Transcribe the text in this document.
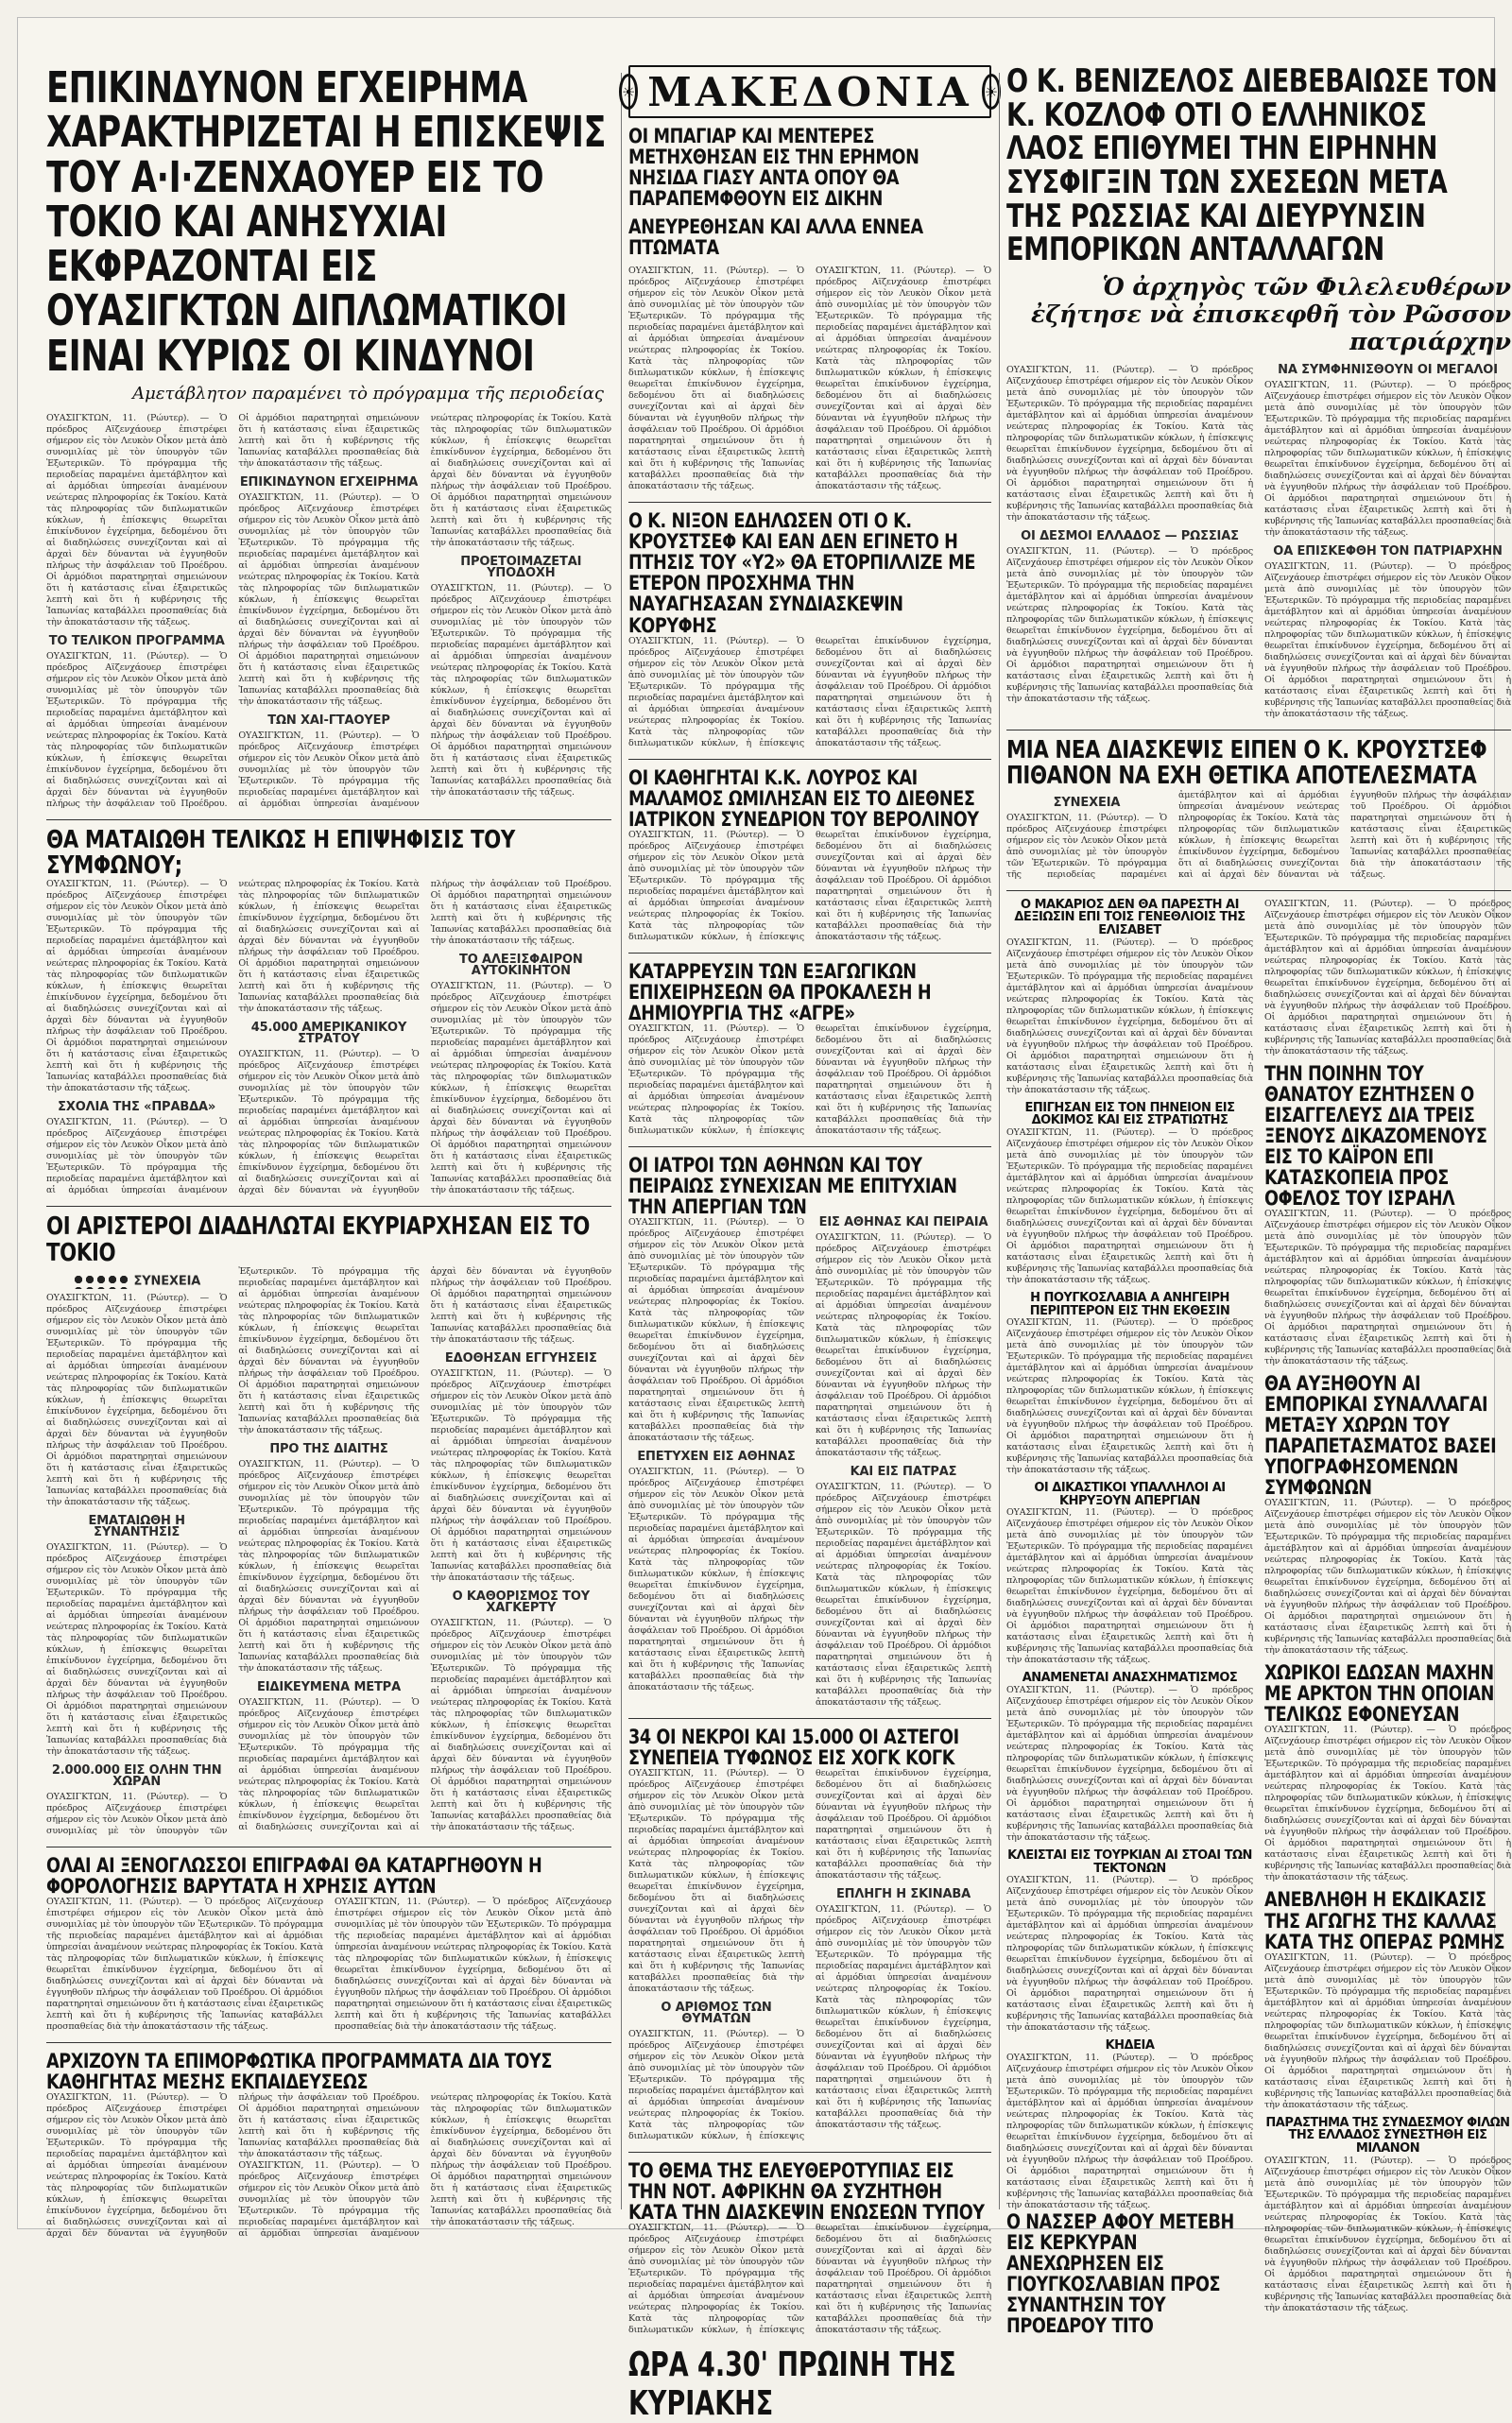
ΕΠΙΚΙΝΔΥΝΟΝ ΕΓΧΕΙΡΗΜΑ ΧΑΡΑΚΤΗΡΙΖΕΤΑΙ Η ΕΠΙΣΚΕΨΙΣ ΤΟΥ Α·Ι·ΖΕΝΧΑΟΥΕΡ ΕΙΣ ΤΟ ΤΟΚΙΟ ΚΑΙ ΑΝΗΣΥΧΙΑΙ ΕΚΦΡΑΖΟΝΤΑΙ ΕΙΣ ΟΥΑΣΙΓΚΤΩΝ ΔΙΠΛΩΜΑΤΙΚΟΙ ΕΙΝΑΙ ΚΥΡΙΩΣ ΟΙ ΚΙΝΔΥΝΟΙ
Αμετάβλητον παραμένει τὸ πρόγραμμα τῆς περιοδείας

ΟΥΑΣΙΓΚΤΩΝ, 11. (Ρώυτερ). — Ὁ πρόεδρος Αϊζενχάουερ ἐπιστρέφει σήμερον εἰς τὸν Λευκὸν Οἶκον μετὰ ἀπὸ συνομιλίας μὲ τὸν ὑπουργὸν τῶν Ἐξωτερικῶν. Τὸ πρόγραμμα τῆς περιοδείας παραμένει ἀμετάβλητον καὶ αἱ ἀρμόδιαι ὑπηρεσίαι ἀναμένουν νεώτερας πληροφορίας ἐκ Τοκίου. Κατὰ τὰς πληροφορίας τῶν διπλωματικῶν κύκλων, ἡ ἐπίσκεψις θεωρεῖται ἐπικίνδυνον ἐγχείρημα, δεδομένου ὅτι αἱ διαδηλώσεις συνεχίζονται καὶ αἱ ἀρχαὶ δὲν δύνανται νὰ ἐγγυηθοῦν πλήρως τὴν ἀσφάλειαν τοῦ Προέδρου. Οἱ ἀρμόδιοι παρατηρηταὶ σημειώνουν ὅτι ἡ κατάστασις εἶναι ἐξαιρετικῶς λεπτὴ καὶ ὅτι ἡ κυβέρνησις τῆς Ἰαπωνίας καταβάλλει προσπαθείας διὰ τὴν ἀποκατάστασιν τῆς τάξεως.

ΤΟ ΤΕΛΙΚΟΝ ΠΡΟΓΡΑΜΜΑ

ΟΥΑΣΙΓΚΤΩΝ, 11. (Ρώυτερ). — Ὁ πρόεδρος Αϊζενχάουερ ἐπιστρέφει σήμερον εἰς τὸν Λευκὸν Οἶκον μετὰ ἀπὸ συνομιλίας μὲ τὸν ὑπουργὸν τῶν Ἐξωτερικῶν. Τὸ πρόγραμμα τῆς περιοδείας παραμένει ἀμετάβλητον καὶ αἱ ἀρμόδιαι ὑπηρεσίαι ἀναμένουν νεώτερας πληροφορίας ἐκ Τοκίου. Κατὰ τὰς πληροφορίας τῶν διπλωματικῶν κύκλων, ἡ ἐπίσκεψις θεωρεῖται ἐπικίνδυνον ἐγχείρημα, δεδομένου ὅτι αἱ διαδηλώσεις συνεχίζονται καὶ αἱ ἀρχαὶ δὲν δύνανται νὰ ἐγγυηθοῦν πλήρως τὴν ἀσφάλειαν τοῦ Προέδρου. Οἱ ἀρμόδιοι παρατηρηταὶ σημειώνουν ὅτι ἡ κατάστασις εἶναι ἐξαιρετικῶς λεπτὴ καὶ ὅτι ἡ κυβέρνησις τῆς Ἰαπωνίας καταβάλλει προσπαθείας διὰ τὴν ἀποκατάστασιν τῆς τάξεως.

ΕΠΙΚΙΝΔΥΝΟΝ ΕΓΧΕΙΡΗΜΑ

ΟΥΑΣΙΓΚΤΩΝ, 11. (Ρώυτερ). — Ὁ πρόεδρος Αϊζενχάουερ ἐπιστρέφει σήμερον εἰς τὸν Λευκὸν Οἶκον μετὰ ἀπὸ συνομιλίας μὲ τὸν ὑπουργὸν τῶν Ἐξωτερικῶν. Τὸ πρόγραμμα τῆς περιοδείας παραμένει ἀμετάβλητον καὶ αἱ ἀρμόδιαι ὑπηρεσίαι ἀναμένουν νεώτερας πληροφορίας ἐκ Τοκίου. Κατὰ τὰς πληροφορίας τῶν διπλωματικῶν κύκλων, ἡ ἐπίσκεψις θεωρεῖται ἐπικίνδυνον ἐγχείρημα, δεδομένου ὅτι αἱ διαδηλώσεις συνεχίζονται καὶ αἱ ἀρχαὶ δὲν δύνανται νὰ ἐγγυηθοῦν πλήρως τὴν ἀσφάλειαν τοῦ Προέδρου. Οἱ ἀρμόδιοι παρατηρηταὶ σημειώνουν ὅτι ἡ κατάστασις εἶναι ἐξαιρετικῶς λεπτὴ καὶ ὅτι ἡ κυβέρνησις τῆς Ἰαπωνίας καταβάλλει προσπαθείας διὰ τὴν ἀποκατάστασιν τῆς τάξεως.

ΤΩΝ ΧΑΙ-ΓΤΑΟΥΕΡ

ΟΥΑΣΙΓΚΤΩΝ, 11. (Ρώυτερ). — Ὁ πρόεδρος Αϊζενχάουερ ἐπιστρέφει σήμερον εἰς τὸν Λευκὸν Οἶκον μετὰ ἀπὸ συνομιλίας μὲ τὸν ὑπουργὸν τῶν Ἐξωτερικῶν. Τὸ πρόγραμμα τῆς περιοδείας παραμένει ἀμετάβλητον καὶ αἱ ἀρμόδιαι ὑπηρεσίαι ἀναμένουν νεώτερας πληροφορίας ἐκ Τοκίου. Κατὰ τὰς πληροφορίας τῶν διπλωματικῶν κύκλων, ἡ ἐπίσκεψις θεωρεῖται ἐπικίνδυνον ἐγχείρημα, δεδομένου ὅτι αἱ διαδηλώσεις συνεχίζονται καὶ αἱ ἀρχαὶ δὲν δύνανται νὰ ἐγγυηθοῦν πλήρως τὴν ἀσφάλειαν τοῦ Προέδρου. Οἱ ἀρμόδιοι παρατηρηταὶ σημειώνουν ὅτι ἡ κατάστασις εἶναι ἐξαιρετικῶς λεπτὴ καὶ ὅτι ἡ κυβέρνησις τῆς Ἰαπωνίας καταβάλλει προσπαθείας διὰ τὴν ἀποκατάστασιν τῆς τάξεως.

ΠΡΟΕΤΟΙΜΑΖΕΤΑΙ ΥΠΟΔΟΧΗ

ΟΥΑΣΙΓΚΤΩΝ, 11. (Ρώυτερ). — Ὁ πρόεδρος Αϊζενχάουερ ἐπιστρέφει σήμερον εἰς τὸν Λευκὸν Οἶκον μετὰ ἀπὸ συνομιλίας μὲ τὸν ὑπουργὸν τῶν Ἐξωτερικῶν. Τὸ πρόγραμμα τῆς περιοδείας παραμένει ἀμετάβλητον καὶ αἱ ἀρμόδιαι ὑπηρεσίαι ἀναμένουν νεώτερας πληροφορίας ἐκ Τοκίου. Κατὰ τὰς πληροφορίας τῶν διπλωματικῶν κύκλων, ἡ ἐπίσκεψις θεωρεῖται ἐπικίνδυνον ἐγχείρημα, δεδομένου ὅτι αἱ διαδηλώσεις συνεχίζονται καὶ αἱ ἀρχαὶ δὲν δύνανται νὰ ἐγγυηθοῦν πλήρως τὴν ἀσφάλειαν τοῦ Προέδρου. Οἱ ἀρμόδιοι παρατηρηταὶ σημειώνουν ὅτι ἡ κατάστασις εἶναι ἐξαιρετικῶς λεπτὴ καὶ ὅτι ἡ κυβέρνησις τῆς Ἰαπωνίας καταβάλλει προσπαθείας διὰ τὴν ἀποκατάστασιν τῆς τάξεως.

ΘΑ ΜΑΤΑΙΩΘΗ ΤΕΛΙΚΩΣ Η ΕΠΙΨΗΦΙΣΙΣ ΤΟΥ ΣΥΜΦΩΝΟΥ;

ΟΥΑΣΙΓΚΤΩΝ, 11. (Ρώυτερ). — Ὁ πρόεδρος Αϊζενχάουερ ἐπιστρέφει σήμερον εἰς τὸν Λευκὸν Οἶκον μετὰ ἀπὸ συνομιλίας μὲ τὸν ὑπουργὸν τῶν Ἐξωτερικῶν. Τὸ πρόγραμμα τῆς περιοδείας παραμένει ἀμετάβλητον καὶ αἱ ἀρμόδιαι ὑπηρεσίαι ἀναμένουν νεώτερας πληροφορίας ἐκ Τοκίου. Κατὰ τὰς πληροφορίας τῶν διπλωματικῶν κύκλων, ἡ ἐπίσκεψις θεωρεῖται ἐπικίνδυνον ἐγχείρημα, δεδομένου ὅτι αἱ διαδηλώσεις συνεχίζονται καὶ αἱ ἀρχαὶ δὲν δύνανται νὰ ἐγγυηθοῦν πλήρως τὴν ἀσφάλειαν τοῦ Προέδρου. Οἱ ἀρμόδιοι παρατηρηταὶ σημειώνουν ὅτι ἡ κατάστασις εἶναι ἐξαιρετικῶς λεπτὴ καὶ ὅτι ἡ κυβέρνησις τῆς Ἰαπωνίας καταβάλλει προσπαθείας διὰ τὴν ἀποκατάστασιν τῆς τάξεως.

ΣΧΟΛΙΑ ΤΗΣ «ΠΡΑΒΔΑ»

ΟΥΑΣΙΓΚΤΩΝ, 11. (Ρώυτερ). — Ὁ πρόεδρος Αϊζενχάουερ ἐπιστρέφει σήμερον εἰς τὸν Λευκὸν Οἶκον μετὰ ἀπὸ συνομιλίας μὲ τὸν ὑπουργὸν τῶν Ἐξωτερικῶν. Τὸ πρόγραμμα τῆς περιοδείας παραμένει ἀμετάβλητον καὶ αἱ ἀρμόδιαι ὑπηρεσίαι ἀναμένουν νεώτερας πληροφορίας ἐκ Τοκίου. Κατὰ τὰς πληροφορίας τῶν διπλωματικῶν κύκλων, ἡ ἐπίσκεψις θεωρεῖται ἐπικίνδυνον ἐγχείρημα, δεδομένου ὅτι αἱ διαδηλώσεις συνεχίζονται καὶ αἱ ἀρχαὶ δὲν δύνανται νὰ ἐγγυηθοῦν πλήρως τὴν ἀσφάλειαν τοῦ Προέδρου. Οἱ ἀρμόδιοι παρατηρηταὶ σημειώνουν ὅτι ἡ κατάστασις εἶναι ἐξαιρετικῶς λεπτὴ καὶ ὅτι ἡ κυβέρνησις τῆς Ἰαπωνίας καταβάλλει προσπαθείας διὰ τὴν ἀποκατάστασιν τῆς τάξεως.

45.000 ΑΜΕΡΙΚΑΝΙΚΟΥ ΣΤΡΑΤΟΥ

ΟΥΑΣΙΓΚΤΩΝ, 11. (Ρώυτερ). — Ὁ πρόεδρος Αϊζενχάουερ ἐπιστρέφει σήμερον εἰς τὸν Λευκὸν Οἶκον μετὰ ἀπὸ συνομιλίας μὲ τὸν ὑπουργὸν τῶν Ἐξωτερικῶν. Τὸ πρόγραμμα τῆς περιοδείας παραμένει ἀμετάβλητον καὶ αἱ ἀρμόδιαι ὑπηρεσίαι ἀναμένουν νεώτερας πληροφορίας ἐκ Τοκίου. Κατὰ τὰς πληροφορίας τῶν διπλωματικῶν κύκλων, ἡ ἐπίσκεψις θεωρεῖται ἐπικίνδυνον ἐγχείρημα, δεδομένου ὅτι αἱ διαδηλώσεις συνεχίζονται καὶ αἱ ἀρχαὶ δὲν δύνανται νὰ ἐγγυηθοῦν πλήρως τὴν ἀσφάλειαν τοῦ Προέδρου. Οἱ ἀρμόδιοι παρατηρηταὶ σημειώνουν ὅτι ἡ κατάστασις εἶναι ἐξαιρετικῶς λεπτὴ καὶ ὅτι ἡ κυβέρνησις τῆς Ἰαπωνίας καταβάλλει προσπαθείας διὰ τὴν ἀποκατάστασιν τῆς τάξεως.

ΤΟ ΑΛΕΞΙΣΦΑΙΡΟΝ ΑΥΤΟΚΙΝΗΤΟΝ

ΟΥΑΣΙΓΚΤΩΝ, 11. (Ρώυτερ). — Ὁ πρόεδρος Αϊζενχάουερ ἐπιστρέφει σήμερον εἰς τὸν Λευκὸν Οἶκον μετὰ ἀπὸ συνομιλίας μὲ τὸν ὑπουργὸν τῶν Ἐξωτερικῶν. Τὸ πρόγραμμα τῆς περιοδείας παραμένει ἀμετάβλητον καὶ αἱ ἀρμόδιαι ὑπηρεσίαι ἀναμένουν νεώτερας πληροφορίας ἐκ Τοκίου. Κατὰ τὰς πληροφορίας τῶν διπλωματικῶν κύκλων, ἡ ἐπίσκεψις θεωρεῖται ἐπικίνδυνον ἐγχείρημα, δεδομένου ὅτι αἱ διαδηλώσεις συνεχίζονται καὶ αἱ ἀρχαὶ δὲν δύνανται νὰ ἐγγυηθοῦν πλήρως τὴν ἀσφάλειαν τοῦ Προέδρου. Οἱ ἀρμόδιοι παρατηρηταὶ σημειώνουν ὅτι ἡ κατάστασις εἶναι ἐξαιρετικῶς λεπτὴ καὶ ὅτι ἡ κυβέρνησις τῆς Ἰαπωνίας καταβάλλει προσπαθείας διὰ τὴν ἀποκατάστασιν τῆς τάξεως.

ΟΙ ΑΡΙΣΤΕΡΟΙ ΔΙΑΔΗΛΩΤΑΙ ΕΚΥΡΙΑΡΧΗΣΑΝ ΕΙΣ ΤΟ ΤΟΚΙΟ

ΣΥΝΕΧΕΙΑ

ΟΥΑΣΙΓΚΤΩΝ, 11. (Ρώυτερ). — Ὁ πρόεδρος Αϊζενχάουερ ἐπιστρέφει σήμερον εἰς τὸν Λευκὸν Οἶκον μετὰ ἀπὸ συνομιλίας μὲ τὸν ὑπουργὸν τῶν Ἐξωτερικῶν. Τὸ πρόγραμμα τῆς περιοδείας παραμένει ἀμετάβλητον καὶ αἱ ἀρμόδιαι ὑπηρεσίαι ἀναμένουν νεώτερας πληροφορίας ἐκ Τοκίου. Κατὰ τὰς πληροφορίας τῶν διπλωματικῶν κύκλων, ἡ ἐπίσκεψις θεωρεῖται ἐπικίνδυνον ἐγχείρημα, δεδομένου ὅτι αἱ διαδηλώσεις συνεχίζονται καὶ αἱ ἀρχαὶ δὲν δύνανται νὰ ἐγγυηθοῦν πλήρως τὴν ἀσφάλειαν τοῦ Προέδρου. Οἱ ἀρμόδιοι παρατηρηταὶ σημειώνουν ὅτι ἡ κατάστασις εἶναι ἐξαιρετικῶς λεπτὴ καὶ ὅτι ἡ κυβέρνησις τῆς Ἰαπωνίας καταβάλλει προσπαθείας διὰ τὴν ἀποκατάστασιν τῆς τάξεως.

ΕΜΑΤΑΙΩΘΗ Η ΣΥΝΑΝΤΗΣΙΣ

ΟΥΑΣΙΓΚΤΩΝ, 11. (Ρώυτερ). — Ὁ πρόεδρος Αϊζενχάουερ ἐπιστρέφει σήμερον εἰς τὸν Λευκὸν Οἶκον μετὰ ἀπὸ συνομιλίας μὲ τὸν ὑπουργὸν τῶν Ἐξωτερικῶν. Τὸ πρόγραμμα τῆς περιοδείας παραμένει ἀμετάβλητον καὶ αἱ ἀρμόδιαι ὑπηρεσίαι ἀναμένουν νεώτερας πληροφορίας ἐκ Τοκίου. Κατὰ τὰς πληροφορίας τῶν διπλωματικῶν κύκλων, ἡ ἐπίσκεψις θεωρεῖται ἐπικίνδυνον ἐγχείρημα, δεδομένου ὅτι αἱ διαδηλώσεις συνεχίζονται καὶ αἱ ἀρχαὶ δὲν δύνανται νὰ ἐγγυηθοῦν πλήρως τὴν ἀσφάλειαν τοῦ Προέδρου. Οἱ ἀρμόδιοι παρατηρηταὶ σημειώνουν ὅτι ἡ κατάστασις εἶναι ἐξαιρετικῶς λεπτὴ καὶ ὅτι ἡ κυβέρνησις τῆς Ἰαπωνίας καταβάλλει προσπαθείας διὰ τὴν ἀποκατάστασιν τῆς τάξεως.

2.000.000 ΕΙΣ ΟΛΗΝ ΤΗΝ ΧΩΡΑΝ

ΟΥΑΣΙΓΚΤΩΝ, 11. (Ρώυτερ). — Ὁ πρόεδρος Αϊζενχάουερ ἐπιστρέφει σήμερον εἰς τὸν Λευκὸν Οἶκον μετὰ ἀπὸ συνομιλίας μὲ τὸν ὑπουργὸν τῶν Ἐξωτερικῶν. Τὸ πρόγραμμα τῆς περιοδείας παραμένει ἀμετάβλητον καὶ αἱ ἀρμόδιαι ὑπηρεσίαι ἀναμένουν νεώτερας πληροφορίας ἐκ Τοκίου. Κατὰ τὰς πληροφορίας τῶν διπλωματικῶν κύκλων, ἡ ἐπίσκεψις θεωρεῖται ἐπικίνδυνον ἐγχείρημα, δεδομένου ὅτι αἱ διαδηλώσεις συνεχίζονται καὶ αἱ ἀρχαὶ δὲν δύνανται νὰ ἐγγυηθοῦν πλήρως τὴν ἀσφάλειαν τοῦ Προέδρου. Οἱ ἀρμόδιοι παρατηρηταὶ σημειώνουν ὅτι ἡ κατάστασις εἶναι ἐξαιρετικῶς λεπτὴ καὶ ὅτι ἡ κυβέρνησις τῆς Ἰαπωνίας καταβάλλει προσπαθείας διὰ τὴν ἀποκατάστασιν τῆς τάξεως.

ΠΡΟ ΤΗΣ ΔΙΑΙΤΗΣ

ΟΥΑΣΙΓΚΤΩΝ, 11. (Ρώυτερ). — Ὁ πρόεδρος Αϊζενχάουερ ἐπιστρέφει σήμερον εἰς τὸν Λευκὸν Οἶκον μετὰ ἀπὸ συνομιλίας μὲ τὸν ὑπουργὸν τῶν Ἐξωτερικῶν. Τὸ πρόγραμμα τῆς περιοδείας παραμένει ἀμετάβλητον καὶ αἱ ἀρμόδιαι ὑπηρεσίαι ἀναμένουν νεώτερας πληροφορίας ἐκ Τοκίου. Κατὰ τὰς πληροφορίας τῶν διπλωματικῶν κύκλων, ἡ ἐπίσκεψις θεωρεῖται ἐπικίνδυνον ἐγχείρημα, δεδομένου ὅτι αἱ διαδηλώσεις συνεχίζονται καὶ αἱ ἀρχαὶ δὲν δύνανται νὰ ἐγγυηθοῦν πλήρως τὴν ἀσφάλειαν τοῦ Προέδρου. Οἱ ἀρμόδιοι παρατηρηταὶ σημειώνουν ὅτι ἡ κατάστασις εἶναι ἐξαιρετικῶς λεπτὴ καὶ ὅτι ἡ κυβέρνησις τῆς Ἰαπωνίας καταβάλλει προσπαθείας διὰ τὴν ἀποκατάστασιν τῆς τάξεως.

ΕΙΔΙΚΕΥΜΕΝΑ ΜΕΤΡΑ

ΟΥΑΣΙΓΚΤΩΝ, 11. (Ρώυτερ). — Ὁ πρόεδρος Αϊζενχάουερ ἐπιστρέφει σήμερον εἰς τὸν Λευκὸν Οἶκον μετὰ ἀπὸ συνομιλίας μὲ τὸν ὑπουργὸν τῶν Ἐξωτερικῶν. Τὸ πρόγραμμα τῆς περιοδείας παραμένει ἀμετάβλητον καὶ αἱ ἀρμόδιαι ὑπηρεσίαι ἀναμένουν νεώτερας πληροφορίας ἐκ Τοκίου. Κατὰ τὰς πληροφορίας τῶν διπλωματικῶν κύκλων, ἡ ἐπίσκεψις θεωρεῖται ἐπικίνδυνον ἐγχείρημα, δεδομένου ὅτι αἱ διαδηλώσεις συνεχίζονται καὶ αἱ ἀρχαὶ δὲν δύνανται νὰ ἐγγυηθοῦν πλήρως τὴν ἀσφάλειαν τοῦ Προέδρου. Οἱ ἀρμόδιοι παρατηρηταὶ σημειώνουν ὅτι ἡ κατάστασις εἶναι ἐξαιρετικῶς λεπτὴ καὶ ὅτι ἡ κυβέρνησις τῆς Ἰαπωνίας καταβάλλει προσπαθείας διὰ τὴν ἀποκατάστασιν τῆς τάξεως.

ΕΔΟΘΗΣΑΝ ΕΓΓΥΗΣΕΙΣ

ΟΥΑΣΙΓΚΤΩΝ, 11. (Ρώυτερ). — Ὁ πρόεδρος Αϊζενχάουερ ἐπιστρέφει σήμερον εἰς τὸν Λευκὸν Οἶκον μετὰ ἀπὸ συνομιλίας μὲ τὸν ὑπουργὸν τῶν Ἐξωτερικῶν. Τὸ πρόγραμμα τῆς περιοδείας παραμένει ἀμετάβλητον καὶ αἱ ἀρμόδιαι ὑπηρεσίαι ἀναμένουν νεώτερας πληροφορίας ἐκ Τοκίου. Κατὰ τὰς πληροφορίας τῶν διπλωματικῶν κύκλων, ἡ ἐπίσκεψις θεωρεῖται ἐπικίνδυνον ἐγχείρημα, δεδομένου ὅτι αἱ διαδηλώσεις συνεχίζονται καὶ αἱ ἀρχαὶ δὲν δύνανται νὰ ἐγγυηθοῦν πλήρως τὴν ἀσφάλειαν τοῦ Προέδρου. Οἱ ἀρμόδιοι παρατηρηταὶ σημειώνουν ὅτι ἡ κατάστασις εἶναι ἐξαιρετικῶς λεπτὴ καὶ ὅτι ἡ κυβέρνησις τῆς Ἰαπωνίας καταβάλλει προσπαθείας διὰ τὴν ἀποκατάστασιν τῆς τάξεως.

Ο ΚΑΘΟΡΙΣΜΟΣ ΤΟΥ ΧΑΓΚΕΡΤΥ

ΟΥΑΣΙΓΚΤΩΝ, 11. (Ρώυτερ). — Ὁ πρόεδρος Αϊζενχάουερ ἐπιστρέφει σήμερον εἰς τὸν Λευκὸν Οἶκον μετὰ ἀπὸ συνομιλίας μὲ τὸν ὑπουργὸν τῶν Ἐξωτερικῶν. Τὸ πρόγραμμα τῆς περιοδείας παραμένει ἀμετάβλητον καὶ αἱ ἀρμόδιαι ὑπηρεσίαι ἀναμένουν νεώτερας πληροφορίας ἐκ Τοκίου. Κατὰ τὰς πληροφορίας τῶν διπλωματικῶν κύκλων, ἡ ἐπίσκεψις θεωρεῖται ἐπικίνδυνον ἐγχείρημα, δεδομένου ὅτι αἱ διαδηλώσεις συνεχίζονται καὶ αἱ ἀρχαὶ δὲν δύνανται νὰ ἐγγυηθοῦν πλήρως τὴν ἀσφάλειαν τοῦ Προέδρου. Οἱ ἀρμόδιοι παρατηρηταὶ σημειώνουν ὅτι ἡ κατάστασις εἶναι ἐξαιρετικῶς λεπτὴ καὶ ὅτι ἡ κυβέρνησις τῆς Ἰαπωνίας καταβάλλει προσπαθείας διὰ τὴν ἀποκατάστασιν τῆς τάξεως.

ΟΛΑΙ ΑΙ ΞΕΝΟΓΛΩΣΣΟΙ ΕΠΙΓΡΑΦΑΙ ΘΑ ΚΑΤΑΡΓΗΘΟΥΝ Η ΦΟΡΟΛΟΓΗΣΙΣ ΒΑΡΥΤΑΤΑ Η ΧΡΗΣΙΣ ΑΥΤΩΝ

ΟΥΑΣΙΓΚΤΩΝ, 11. (Ρώυτερ). — Ὁ πρόεδρος Αϊζενχάουερ ἐπιστρέφει σήμερον εἰς τὸν Λευκὸν Οἶκον μετὰ ἀπὸ συνομιλίας μὲ τὸν ὑπουργὸν τῶν Ἐξωτερικῶν. Τὸ πρόγραμμα τῆς περιοδείας παραμένει ἀμετάβλητον καὶ αἱ ἀρμόδιαι ὑπηρεσίαι ἀναμένουν νεώτερας πληροφορίας ἐκ Τοκίου. Κατὰ τὰς πληροφορίας τῶν διπλωματικῶν κύκλων, ἡ ἐπίσκεψις θεωρεῖται ἐπικίνδυνον ἐγχείρημα, δεδομένου ὅτι αἱ διαδηλώσεις συνεχίζονται καὶ αἱ ἀρχαὶ δὲν δύνανται νὰ ἐγγυηθοῦν πλήρως τὴν ἀσφάλειαν τοῦ Προέδρου. Οἱ ἀρμόδιοι παρατηρηταὶ σημειώνουν ὅτι ἡ κατάστασις εἶναι ἐξαιρετικῶς λεπτὴ καὶ ὅτι ἡ κυβέρνησις τῆς Ἰαπωνίας καταβάλλει προσπαθείας διὰ τὴν ἀποκατάστασιν τῆς τάξεως.

ΟΥΑΣΙΓΚΤΩΝ, 11. (Ρώυτερ). — Ὁ πρόεδρος Αϊζενχάουερ ἐπιστρέφει σήμερον εἰς τὸν Λευκὸν Οἶκον μετὰ ἀπὸ συνομιλίας μὲ τὸν ὑπουργὸν τῶν Ἐξωτερικῶν. Τὸ πρόγραμμα τῆς περιοδείας παραμένει ἀμετάβλητον καὶ αἱ ἀρμόδιαι ὑπηρεσίαι ἀναμένουν νεώτερας πληροφορίας ἐκ Τοκίου. Κατὰ τὰς πληροφορίας τῶν διπλωματικῶν κύκλων, ἡ ἐπίσκεψις θεωρεῖται ἐπικίνδυνον ἐγχείρημα, δεδομένου ὅτι αἱ διαδηλώσεις συνεχίζονται καὶ αἱ ἀρχαὶ δὲν δύνανται νὰ ἐγγυηθοῦν πλήρως τὴν ἀσφάλειαν τοῦ Προέδρου. Οἱ ἀρμόδιοι παρατηρηταὶ σημειώνουν ὅτι ἡ κατάστασις εἶναι ἐξαιρετικῶς λεπτὴ καὶ ὅτι ἡ κυβέρνησις τῆς Ἰαπωνίας καταβάλλει προσπαθείας διὰ τὴν ἀποκατάστασιν τῆς τάξεως.

ΑΡΧΙΖΟΥΝ ΤΑ ΕΠΙΜΟΡΦΩΤΙΚΑ ΠΡΟΓΡΑΜΜΑΤΑ ΔΙΑ ΤΟΥΣ ΚΑΘΗΓΗΤΑΣ ΜΕΣΗΣ ΕΚΠΑΙΔΕΥΣΕΩΣ

ΟΥΑΣΙΓΚΤΩΝ, 11. (Ρώυτερ). — Ὁ πρόεδρος Αϊζενχάουερ ἐπιστρέφει σήμερον εἰς τὸν Λευκὸν Οἶκον μετὰ ἀπὸ συνομιλίας μὲ τὸν ὑπουργὸν τῶν Ἐξωτερικῶν. Τὸ πρόγραμμα τῆς περιοδείας παραμένει ἀμετάβλητον καὶ αἱ ἀρμόδιαι ὑπηρεσίαι ἀναμένουν νεώτερας πληροφορίας ἐκ Τοκίου. Κατὰ τὰς πληροφορίας τῶν διπλωματικῶν κύκλων, ἡ ἐπίσκεψις θεωρεῖται ἐπικίνδυνον ἐγχείρημα, δεδομένου ὅτι αἱ διαδηλώσεις συνεχίζονται καὶ αἱ ἀρχαὶ δὲν δύνανται νὰ ἐγγυηθοῦν πλήρως τὴν ἀσφάλειαν τοῦ Προέδρου. Οἱ ἀρμόδιοι παρατηρηταὶ σημειώνουν ὅτι ἡ κατάστασις εἶναι ἐξαιρετικῶς λεπτὴ καὶ ὅτι ἡ κυβέρνησις τῆς Ἰαπωνίας καταβάλλει προσπαθείας διὰ τὴν ἀποκατάστασιν τῆς τάξεως.

ΟΥΑΣΙΓΚΤΩΝ, 11. (Ρώυτερ). — Ὁ πρόεδρος Αϊζενχάουερ ἐπιστρέφει σήμερον εἰς τὸν Λευκὸν Οἶκον μετὰ ἀπὸ συνομιλίας μὲ τὸν ὑπουργὸν τῶν Ἐξωτερικῶν. Τὸ πρόγραμμα τῆς περιοδείας παραμένει ἀμετάβλητον καὶ αἱ ἀρμόδιαι ὑπηρεσίαι ἀναμένουν νεώτερας πληροφορίας ἐκ Τοκίου. Κατὰ τὰς πληροφορίας τῶν διπλωματικῶν κύκλων, ἡ ἐπίσκεψις θεωρεῖται ἐπικίνδυνον ἐγχείρημα, δεδομένου ὅτι αἱ διαδηλώσεις συνεχίζονται καὶ αἱ ἀρχαὶ δὲν δύνανται νὰ ἐγγυηθοῦν πλήρως τὴν ἀσφάλειαν τοῦ Προέδρου. Οἱ ἀρμόδιοι παρατηρηταὶ σημειώνουν ὅτι ἡ κατάστασις εἶναι ἐξαιρετικῶς λεπτὴ καὶ ὅτι ἡ κυβέρνησις τῆς Ἰαπωνίας καταβάλλει προσπαθείας διὰ τὴν ἀποκατάστασιν τῆς τάξεως.

☀ ΜΑΚΕΔΟΝΙΑ ☀
ΟΙ ΜΠΑΓΙΑΡ ΚΑΙ ΜΕΝΤΕΡΕΣ ΜΕΤΗΧΘΗΣΑΝ ΕΙΣ ΤΗΝ ΕΡΗΜΟΝ ΝΗΣΙΔΑ ΓΙΑΣΥ ΑΝΤΑ ΟΠΟΥ ΘΑ ΠΑΡΑΠΕΜΦΘΟΥΝ ΕΙΣ ΔΙΚΗΝ
ΑΝΕΥΡΕΘΗΣΑΝ ΚΑΙ ΑΛΛΑ ΕΝΝΕΑ ΠΤΩΜΑΤΑ

ΟΥΑΣΙΓΚΤΩΝ, 11. (Ρώυτερ). — Ὁ πρόεδρος Αϊζενχάουερ ἐπιστρέφει σήμερον εἰς τὸν Λευκὸν Οἶκον μετὰ ἀπὸ συνομιλίας μὲ τὸν ὑπουργὸν τῶν Ἐξωτερικῶν. Τὸ πρόγραμμα τῆς περιοδείας παραμένει ἀμετάβλητον καὶ αἱ ἀρμόδιαι ὑπηρεσίαι ἀναμένουν νεώτερας πληροφορίας ἐκ Τοκίου. Κατὰ τὰς πληροφορίας τῶν διπλωματικῶν κύκλων, ἡ ἐπίσκεψις θεωρεῖται ἐπικίνδυνον ἐγχείρημα, δεδομένου ὅτι αἱ διαδηλώσεις συνεχίζονται καὶ αἱ ἀρχαὶ δὲν δύνανται νὰ ἐγγυηθοῦν πλήρως τὴν ἀσφάλειαν τοῦ Προέδρου. Οἱ ἀρμόδιοι παρατηρηταὶ σημειώνουν ὅτι ἡ κατάστασις εἶναι ἐξαιρετικῶς λεπτὴ καὶ ὅτι ἡ κυβέρνησις τῆς Ἰαπωνίας καταβάλλει προσπαθείας διὰ τὴν ἀποκατάστασιν τῆς τάξεως.

ΟΥΑΣΙΓΚΤΩΝ, 11. (Ρώυτερ). — Ὁ πρόεδρος Αϊζενχάουερ ἐπιστρέφει σήμερον εἰς τὸν Λευκὸν Οἶκον μετὰ ἀπὸ συνομιλίας μὲ τὸν ὑπουργὸν τῶν Ἐξωτερικῶν. Τὸ πρόγραμμα τῆς περιοδείας παραμένει ἀμετάβλητον καὶ αἱ ἀρμόδιαι ὑπηρεσίαι ἀναμένουν νεώτερας πληροφορίας ἐκ Τοκίου. Κατὰ τὰς πληροφορίας τῶν διπλωματικῶν κύκλων, ἡ ἐπίσκεψις θεωρεῖται ἐπικίνδυνον ἐγχείρημα, δεδομένου ὅτι αἱ διαδηλώσεις συνεχίζονται καὶ αἱ ἀρχαὶ δὲν δύνανται νὰ ἐγγυηθοῦν πλήρως τὴν ἀσφάλειαν τοῦ Προέδρου. Οἱ ἀρμόδιοι παρατηρηταὶ σημειώνουν ὅτι ἡ κατάστασις εἶναι ἐξαιρετικῶς λεπτὴ καὶ ὅτι ἡ κυβέρνησις τῆς Ἰαπωνίας καταβάλλει προσπαθείας διὰ τὴν ἀποκατάστασιν τῆς τάξεως.

Ο Κ. ΝΙΞΟΝ ΕΔΗΛΩΣΕΝ ΟΤΙ Ο Κ. ΚΡΟΥΣΤΣΕΦ ΚΑΙ ΕΑΝ ΔΕΝ ΕΓΙΝΕΤΟ Η ΠΤΗΣΙΣ ΤΟΥ «Υ2» ΘΑ ΕΤΟΡΠΙΛΛΙΖΕ ΜΕ ΕΤΕΡΟΝ ΠΡΟΣΧΗΜΑ ΤΗΝ ΝΑΥΑΓΗΣΑΣΑΝ ΣΥΝΔΙΑΣΚΕΨΙΝ ΚΟΡΥΦΗΣ

ΟΥΑΣΙΓΚΤΩΝ, 11. (Ρώυτερ). — Ὁ πρόεδρος Αϊζενχάουερ ἐπιστρέφει σήμερον εἰς τὸν Λευκὸν Οἶκον μετὰ ἀπὸ συνομιλίας μὲ τὸν ὑπουργὸν τῶν Ἐξωτερικῶν. Τὸ πρόγραμμα τῆς περιοδείας παραμένει ἀμετάβλητον καὶ αἱ ἀρμόδιαι ὑπηρεσίαι ἀναμένουν νεώτερας πληροφορίας ἐκ Τοκίου. Κατὰ τὰς πληροφορίας τῶν διπλωματικῶν κύκλων, ἡ ἐπίσκεψις θεωρεῖται ἐπικίνδυνον ἐγχείρημα, δεδομένου ὅτι αἱ διαδηλώσεις συνεχίζονται καὶ αἱ ἀρχαὶ δὲν δύνανται νὰ ἐγγυηθοῦν πλήρως τὴν ἀσφάλειαν τοῦ Προέδρου. Οἱ ἀρμόδιοι παρατηρηταὶ σημειώνουν ὅτι ἡ κατάστασις εἶναι ἐξαιρετικῶς λεπτὴ καὶ ὅτι ἡ κυβέρνησις τῆς Ἰαπωνίας καταβάλλει προσπαθείας διὰ τὴν ἀποκατάστασιν τῆς τάξεως.

ΟΙ ΚΑΘΗΓΗΤΑΙ Κ.Κ. ΛΟΥΡΟΣ ΚΑΙ ΜΑΛΑΜΟΣ ΩΜΙΛΗΣΑΝ ΕΙΣ ΤΟ ΔΙΕΘΝΕΣ ΙΑΤΡΙΚΟΝ ΣΥΝΕΔΡΙΟΝ ΤΟΥ ΒΕΡΟΛΙΝΟΥ

ΟΥΑΣΙΓΚΤΩΝ, 11. (Ρώυτερ). — Ὁ πρόεδρος Αϊζενχάουερ ἐπιστρέφει σήμερον εἰς τὸν Λευκὸν Οἶκον μετὰ ἀπὸ συνομιλίας μὲ τὸν ὑπουργὸν τῶν Ἐξωτερικῶν. Τὸ πρόγραμμα τῆς περιοδείας παραμένει ἀμετάβλητον καὶ αἱ ἀρμόδιαι ὑπηρεσίαι ἀναμένουν νεώτερας πληροφορίας ἐκ Τοκίου. Κατὰ τὰς πληροφορίας τῶν διπλωματικῶν κύκλων, ἡ ἐπίσκεψις θεωρεῖται ἐπικίνδυνον ἐγχείρημα, δεδομένου ὅτι αἱ διαδηλώσεις συνεχίζονται καὶ αἱ ἀρχαὶ δὲν δύνανται νὰ ἐγγυηθοῦν πλήρως τὴν ἀσφάλειαν τοῦ Προέδρου. Οἱ ἀρμόδιοι παρατηρηταὶ σημειώνουν ὅτι ἡ κατάστασις εἶναι ἐξαιρετικῶς λεπτὴ καὶ ὅτι ἡ κυβέρνησις τῆς Ἰαπωνίας καταβάλλει προσπαθείας διὰ τὴν ἀποκατάστασιν τῆς τάξεως.

ΚΑΤΑΡΡΕΥΣΙΝ ΤΩΝ ΕΞΑΓΩΓΙΚΩΝ ΕΠΙΧΕΙΡΗΣΕΩΝ ΘΑ ΠΡΟΚΑΛΕΣΗ Η ΔΗΜΙΟΥΡΓΙΑ ΤΗΣ «ΑΓΡΕ»

ΟΥΑΣΙΓΚΤΩΝ, 11. (Ρώυτερ). — Ὁ πρόεδρος Αϊζενχάουερ ἐπιστρέφει σήμερον εἰς τὸν Λευκὸν Οἶκον μετὰ ἀπὸ συνομιλίας μὲ τὸν ὑπουργὸν τῶν Ἐξωτερικῶν. Τὸ πρόγραμμα τῆς περιοδείας παραμένει ἀμετάβλητον καὶ αἱ ἀρμόδιαι ὑπηρεσίαι ἀναμένουν νεώτερας πληροφορίας ἐκ Τοκίου. Κατὰ τὰς πληροφορίας τῶν διπλωματικῶν κύκλων, ἡ ἐπίσκεψις θεωρεῖται ἐπικίνδυνον ἐγχείρημα, δεδομένου ὅτι αἱ διαδηλώσεις συνεχίζονται καὶ αἱ ἀρχαὶ δὲν δύνανται νὰ ἐγγυηθοῦν πλήρως τὴν ἀσφάλειαν τοῦ Προέδρου. Οἱ ἀρμόδιοι παρατηρηταὶ σημειώνουν ὅτι ἡ κατάστασις εἶναι ἐξαιρετικῶς λεπτὴ καὶ ὅτι ἡ κυβέρνησις τῆς Ἰαπωνίας καταβάλλει προσπαθείας διὰ τὴν ἀποκατάστασιν τῆς τάξεως.

ΟΙ ΙΑΤΡΟΙ ΤΩΝ ΑΘΗΝΩΝ ΚΑΙ ΤΟΥ ΠΕΙΡΑΙΩΣ ΣΥΝΕΧΙΣΑΝ ΜΕ ΕΠΙΤΥΧΙΑΝ ΤΗΝ ΑΠΕΡΓΙΑΝ ΤΩΝ

ΟΥΑΣΙΓΚΤΩΝ, 11. (Ρώυτερ). — Ὁ πρόεδρος Αϊζενχάουερ ἐπιστρέφει σήμερον εἰς τὸν Λευκὸν Οἶκον μετὰ ἀπὸ συνομιλίας μὲ τὸν ὑπουργὸν τῶν Ἐξωτερικῶν. Τὸ πρόγραμμα τῆς περιοδείας παραμένει ἀμετάβλητον καὶ αἱ ἀρμόδιαι ὑπηρεσίαι ἀναμένουν νεώτερας πληροφορίας ἐκ Τοκίου. Κατὰ τὰς πληροφορίας τῶν διπλωματικῶν κύκλων, ἡ ἐπίσκεψις θεωρεῖται ἐπικίνδυνον ἐγχείρημα, δεδομένου ὅτι αἱ διαδηλώσεις συνεχίζονται καὶ αἱ ἀρχαὶ δὲν δύνανται νὰ ἐγγυηθοῦν πλήρως τὴν ἀσφάλειαν τοῦ Προέδρου. Οἱ ἀρμόδιοι παρατηρηταὶ σημειώνουν ὅτι ἡ κατάστασις εἶναι ἐξαιρετικῶς λεπτὴ καὶ ὅτι ἡ κυβέρνησις τῆς Ἰαπωνίας καταβάλλει προσπαθείας διὰ τὴν ἀποκατάστασιν τῆς τάξεως.

ΕΠΕΤΥΧΕΝ ΕΙΣ ΑΘΗΝΑΣ

ΟΥΑΣΙΓΚΤΩΝ, 11. (Ρώυτερ). — Ὁ πρόεδρος Αϊζενχάουερ ἐπιστρέφει σήμερον εἰς τὸν Λευκὸν Οἶκον μετὰ ἀπὸ συνομιλίας μὲ τὸν ὑπουργὸν τῶν Ἐξωτερικῶν. Τὸ πρόγραμμα τῆς περιοδείας παραμένει ἀμετάβλητον καὶ αἱ ἀρμόδιαι ὑπηρεσίαι ἀναμένουν νεώτερας πληροφορίας ἐκ Τοκίου. Κατὰ τὰς πληροφορίας τῶν διπλωματικῶν κύκλων, ἡ ἐπίσκεψις θεωρεῖται ἐπικίνδυνον ἐγχείρημα, δεδομένου ὅτι αἱ διαδηλώσεις συνεχίζονται καὶ αἱ ἀρχαὶ δὲν δύνανται νὰ ἐγγυηθοῦν πλήρως τὴν ἀσφάλειαν τοῦ Προέδρου. Οἱ ἀρμόδιοι παρατηρηταὶ σημειώνουν ὅτι ἡ κατάστασις εἶναι ἐξαιρετικῶς λεπτὴ καὶ ὅτι ἡ κυβέρνησις τῆς Ἰαπωνίας καταβάλλει προσπαθείας διὰ τὴν ἀποκατάστασιν τῆς τάξεως.

ΕΙΣ ΑΘΗΝΑΣ ΚΑΙ ΠΕΙΡΑΙΑ

ΟΥΑΣΙΓΚΤΩΝ, 11. (Ρώυτερ). — Ὁ πρόεδρος Αϊζενχάουερ ἐπιστρέφει σήμερον εἰς τὸν Λευκὸν Οἶκον μετὰ ἀπὸ συνομιλίας μὲ τὸν ὑπουργὸν τῶν Ἐξωτερικῶν. Τὸ πρόγραμμα τῆς περιοδείας παραμένει ἀμετάβλητον καὶ αἱ ἀρμόδιαι ὑπηρεσίαι ἀναμένουν νεώτερας πληροφορίας ἐκ Τοκίου. Κατὰ τὰς πληροφορίας τῶν διπλωματικῶν κύκλων, ἡ ἐπίσκεψις θεωρεῖται ἐπικίνδυνον ἐγχείρημα, δεδομένου ὅτι αἱ διαδηλώσεις συνεχίζονται καὶ αἱ ἀρχαὶ δὲν δύνανται νὰ ἐγγυηθοῦν πλήρως τὴν ἀσφάλειαν τοῦ Προέδρου. Οἱ ἀρμόδιοι παρατηρηταὶ σημειώνουν ὅτι ἡ κατάστασις εἶναι ἐξαιρετικῶς λεπτὴ καὶ ὅτι ἡ κυβέρνησις τῆς Ἰαπωνίας καταβάλλει προσπαθείας διὰ τὴν ἀποκατάστασιν τῆς τάξεως.

ΚΑΙ ΕΙΣ ΠΑΤΡΑΣ

ΟΥΑΣΙΓΚΤΩΝ, 11. (Ρώυτερ). — Ὁ πρόεδρος Αϊζενχάουερ ἐπιστρέφει σήμερον εἰς τὸν Λευκὸν Οἶκον μετὰ ἀπὸ συνομιλίας μὲ τὸν ὑπουργὸν τῶν Ἐξωτερικῶν. Τὸ πρόγραμμα τῆς περιοδείας παραμένει ἀμετάβλητον καὶ αἱ ἀρμόδιαι ὑπηρεσίαι ἀναμένουν νεώτερας πληροφορίας ἐκ Τοκίου. Κατὰ τὰς πληροφορίας τῶν διπλωματικῶν κύκλων, ἡ ἐπίσκεψις θεωρεῖται ἐπικίνδυνον ἐγχείρημα, δεδομένου ὅτι αἱ διαδηλώσεις συνεχίζονται καὶ αἱ ἀρχαὶ δὲν δύνανται νὰ ἐγγυηθοῦν πλήρως τὴν ἀσφάλειαν τοῦ Προέδρου. Οἱ ἀρμόδιοι παρατηρηταὶ σημειώνουν ὅτι ἡ κατάστασις εἶναι ἐξαιρετικῶς λεπτὴ καὶ ὅτι ἡ κυβέρνησις τῆς Ἰαπωνίας καταβάλλει προσπαθείας διὰ τὴν ἀποκατάστασιν τῆς τάξεως.

34 ΟΙ ΝΕΚΡΟΙ ΚΑΙ 15.000 ΟΙ ΑΣΤΕΓΟΙ ΣΥΝΕΠΕΙΑ ΤΥΦΩΝΟΣ ΕΙΣ ΧΟΓΚ ΚΟΓΚ

ΟΥΑΣΙΓΚΤΩΝ, 11. (Ρώυτερ). — Ὁ πρόεδρος Αϊζενχάουερ ἐπιστρέφει σήμερον εἰς τὸν Λευκὸν Οἶκον μετὰ ἀπὸ συνομιλίας μὲ τὸν ὑπουργὸν τῶν Ἐξωτερικῶν. Τὸ πρόγραμμα τῆς περιοδείας παραμένει ἀμετάβλητον καὶ αἱ ἀρμόδιαι ὑπηρεσίαι ἀναμένουν νεώτερας πληροφορίας ἐκ Τοκίου. Κατὰ τὰς πληροφορίας τῶν διπλωματικῶν κύκλων, ἡ ἐπίσκεψις θεωρεῖται ἐπικίνδυνον ἐγχείρημα, δεδομένου ὅτι αἱ διαδηλώσεις συνεχίζονται καὶ αἱ ἀρχαὶ δὲν δύνανται νὰ ἐγγυηθοῦν πλήρως τὴν ἀσφάλειαν τοῦ Προέδρου. Οἱ ἀρμόδιοι παρατηρηταὶ σημειώνουν ὅτι ἡ κατάστασις εἶναι ἐξαιρετικῶς λεπτὴ καὶ ὅτι ἡ κυβέρνησις τῆς Ἰαπωνίας καταβάλλει προσπαθείας διὰ τὴν ἀποκατάστασιν τῆς τάξεως.

Ο ΑΡΙΘΜΟΣ ΤΩΝ ΘΥΜΑΤΩΝ

ΟΥΑΣΙΓΚΤΩΝ, 11. (Ρώυτερ). — Ὁ πρόεδρος Αϊζενχάουερ ἐπιστρέφει σήμερον εἰς τὸν Λευκὸν Οἶκον μετὰ ἀπὸ συνομιλίας μὲ τὸν ὑπουργὸν τῶν Ἐξωτερικῶν. Τὸ πρόγραμμα τῆς περιοδείας παραμένει ἀμετάβλητον καὶ αἱ ἀρμόδιαι ὑπηρεσίαι ἀναμένουν νεώτερας πληροφορίας ἐκ Τοκίου. Κατὰ τὰς πληροφορίας τῶν διπλωματικῶν κύκλων, ἡ ἐπίσκεψις θεωρεῖται ἐπικίνδυνον ἐγχείρημα, δεδομένου ὅτι αἱ διαδηλώσεις συνεχίζονται καὶ αἱ ἀρχαὶ δὲν δύνανται νὰ ἐγγυηθοῦν πλήρως τὴν ἀσφάλειαν τοῦ Προέδρου. Οἱ ἀρμόδιοι παρατηρηταὶ σημειώνουν ὅτι ἡ κατάστασις εἶναι ἐξαιρετικῶς λεπτὴ καὶ ὅτι ἡ κυβέρνησις τῆς Ἰαπωνίας καταβάλλει προσπαθείας διὰ τὴν ἀποκατάστασιν τῆς τάξεως.

ΕΠΛΗΓΗ Η ΣΚΙΝΑΒΑ

ΟΥΑΣΙΓΚΤΩΝ, 11. (Ρώυτερ). — Ὁ πρόεδρος Αϊζενχάουερ ἐπιστρέφει σήμερον εἰς τὸν Λευκὸν Οἶκον μετὰ ἀπὸ συνομιλίας μὲ τὸν ὑπουργὸν τῶν Ἐξωτερικῶν. Τὸ πρόγραμμα τῆς περιοδείας παραμένει ἀμετάβλητον καὶ αἱ ἀρμόδιαι ὑπηρεσίαι ἀναμένουν νεώτερας πληροφορίας ἐκ Τοκίου. Κατὰ τὰς πληροφορίας τῶν διπλωματικῶν κύκλων, ἡ ἐπίσκεψις θεωρεῖται ἐπικίνδυνον ἐγχείρημα, δεδομένου ὅτι αἱ διαδηλώσεις συνεχίζονται καὶ αἱ ἀρχαὶ δὲν δύνανται νὰ ἐγγυηθοῦν πλήρως τὴν ἀσφάλειαν τοῦ Προέδρου. Οἱ ἀρμόδιοι παρατηρηταὶ σημειώνουν ὅτι ἡ κατάστασις εἶναι ἐξαιρετικῶς λεπτὴ καὶ ὅτι ἡ κυβέρνησις τῆς Ἰαπωνίας καταβάλλει προσπαθείας διὰ τὴν ἀποκατάστασιν τῆς τάξεως.

ΤΟ ΘΕΜΑ ΤΗΣ ΕΛΕΥΘΕΡΟΤΥΠΙΑΣ ΕΙΣ ΤΗΝ ΝΟΤ. ΑΦΡΙΚΗΝ ΘΑ ΣΥΖΗΤΗΘΗ ΚΑΤΑ ΤΗΝ ΔΙΑΣΚΕΨΙΝ ΕΝΩΣΕΩΝ ΤΥΠΟΥ

ΟΥΑΣΙΓΚΤΩΝ, 11. (Ρώυτερ). — Ὁ πρόεδρος Αϊζενχάουερ ἐπιστρέφει σήμερον εἰς τὸν Λευκὸν Οἶκον μετὰ ἀπὸ συνομιλίας μὲ τὸν ὑπουργὸν τῶν Ἐξωτερικῶν. Τὸ πρόγραμμα τῆς περιοδείας παραμένει ἀμετάβλητον καὶ αἱ ἀρμόδιαι ὑπηρεσίαι ἀναμένουν νεώτερας πληροφορίας ἐκ Τοκίου. Κατὰ τὰς πληροφορίας τῶν διπλωματικῶν κύκλων, ἡ ἐπίσκεψις θεωρεῖται ἐπικίνδυνον ἐγχείρημα, δεδομένου ὅτι αἱ διαδηλώσεις συνεχίζονται καὶ αἱ ἀρχαὶ δὲν δύνανται νὰ ἐγγυηθοῦν πλήρως τὴν ἀσφάλειαν τοῦ Προέδρου. Οἱ ἀρμόδιοι παρατηρηταὶ σημειώνουν ὅτι ἡ κατάστασις εἶναι ἐξαιρετικῶς λεπτὴ καὶ ὅτι ἡ κυβέρνησις τῆς Ἰαπωνίας καταβάλλει προσπαθείας διὰ τὴν ἀποκατάστασιν τῆς τάξεως.

ΩΡΑ 4.30' ΠΡΩΙΝΗ ΤΗΣ ΚΥΡΙΑΚΗΣ
Ο Κ. ΒΕΝΙΖΕΛΟΣ ΔΙΕΒΕΒΑΙΩΣΕ ΤΟΝ Κ. ΚΟΖΛΟΦ ΟΤΙ Ο ΕΛΛΗΝΙΚΟΣ ΛΑΟΣ ΕΠΙΘΥΜΕΙ ΤΗΝ ΕΙΡΗΝΗΝ ΣΥΣΦΙΓΞΙΝ ΤΩΝ ΣΧΕΣΕΩΝ ΜΕΤΑ ΤΗΣ ΡΩΣΣΙΑΣ ΚΑΙ ΔΙΕΥΡΥΝΣΙΝ ΕΜΠΟΡΙΚΩΝ ΑΝΤΑΛΛΑΓΩΝ
Ὁ ἀρχηγὸς τῶν Φιλελευθέρων ἐζήτησε νὰ ἐπισκεφθῆ τὸν Ρῶσσον πατριάρχην

ΟΥΑΣΙΓΚΤΩΝ, 11. (Ρώυτερ). — Ὁ πρόεδρος Αϊζενχάουερ ἐπιστρέφει σήμερον εἰς τὸν Λευκὸν Οἶκον μετὰ ἀπὸ συνομιλίας μὲ τὸν ὑπουργὸν τῶν Ἐξωτερικῶν. Τὸ πρόγραμμα τῆς περιοδείας παραμένει ἀμετάβλητον καὶ αἱ ἀρμόδιαι ὑπηρεσίαι ἀναμένουν νεώτερας πληροφορίας ἐκ Τοκίου. Κατὰ τὰς πληροφορίας τῶν διπλωματικῶν κύκλων, ἡ ἐπίσκεψις θεωρεῖται ἐπικίνδυνον ἐγχείρημα, δεδομένου ὅτι αἱ διαδηλώσεις συνεχίζονται καὶ αἱ ἀρχαὶ δὲν δύνανται νὰ ἐγγυηθοῦν πλήρως τὴν ἀσφάλειαν τοῦ Προέδρου. Οἱ ἀρμόδιοι παρατηρηταὶ σημειώνουν ὅτι ἡ κατάστασις εἶναι ἐξαιρετικῶς λεπτὴ καὶ ὅτι ἡ κυβέρνησις τῆς Ἰαπωνίας καταβάλλει προσπαθείας διὰ τὴν ἀποκατάστασιν τῆς τάξεως.

ΟΙ ΔΕΣΜΟΙ ΕΛΛΑΔΟΣ — ΡΩΣΣΙΑΣ

ΟΥΑΣΙΓΚΤΩΝ, 11. (Ρώυτερ). — Ὁ πρόεδρος Αϊζενχάουερ ἐπιστρέφει σήμερον εἰς τὸν Λευκὸν Οἶκον μετὰ ἀπὸ συνομιλίας μὲ τὸν ὑπουργὸν τῶν Ἐξωτερικῶν. Τὸ πρόγραμμα τῆς περιοδείας παραμένει ἀμετάβλητον καὶ αἱ ἀρμόδιαι ὑπηρεσίαι ἀναμένουν νεώτερας πληροφορίας ἐκ Τοκίου. Κατὰ τὰς πληροφορίας τῶν διπλωματικῶν κύκλων, ἡ ἐπίσκεψις θεωρεῖται ἐπικίνδυνον ἐγχείρημα, δεδομένου ὅτι αἱ διαδηλώσεις συνεχίζονται καὶ αἱ ἀρχαὶ δὲν δύνανται νὰ ἐγγυηθοῦν πλήρως τὴν ἀσφάλειαν τοῦ Προέδρου. Οἱ ἀρμόδιοι παρατηρηταὶ σημειώνουν ὅτι ἡ κατάστασις εἶναι ἐξαιρετικῶς λεπτὴ καὶ ὅτι ἡ κυβέρνησις τῆς Ἰαπωνίας καταβάλλει προσπαθείας διὰ τὴν ἀποκατάστασιν τῆς τάξεως.

ΝΑ ΣΥΜΦΗΝΙΣΘΟΥΝ ΟΙ ΜΕΓΑΛΟΙ

ΟΥΑΣΙΓΚΤΩΝ, 11. (Ρώυτερ). — Ὁ πρόεδρος Αϊζενχάουερ ἐπιστρέφει σήμερον εἰς τὸν Λευκὸν Οἶκον μετὰ ἀπὸ συνομιλίας μὲ τὸν ὑπουργὸν τῶν Ἐξωτερικῶν. Τὸ πρόγραμμα τῆς περιοδείας παραμένει ἀμετάβλητον καὶ αἱ ἀρμόδιαι ὑπηρεσίαι ἀναμένουν νεώτερας πληροφορίας ἐκ Τοκίου. Κατὰ τὰς πληροφορίας τῶν διπλωματικῶν κύκλων, ἡ ἐπίσκεψις θεωρεῖται ἐπικίνδυνον ἐγχείρημα, δεδομένου ὅτι αἱ διαδηλώσεις συνεχίζονται καὶ αἱ ἀρχαὶ δὲν δύνανται νὰ ἐγγυηθοῦν πλήρως τὴν ἀσφάλειαν τοῦ Προέδρου. Οἱ ἀρμόδιοι παρατηρηταὶ σημειώνουν ὅτι ἡ κατάστασις εἶναι ἐξαιρετικῶς λεπτὴ καὶ ὅτι ἡ κυβέρνησις τῆς Ἰαπωνίας καταβάλλει προσπαθείας διὰ τὴν ἀποκατάστασιν τῆς τάξεως.

ΟΑ ΕΠΙΣΚΕΦΘΗ ΤΟΝ ΠΑΤΡΙΑΡΧΗΝ

ΟΥΑΣΙΓΚΤΩΝ, 11. (Ρώυτερ). — Ὁ πρόεδρος Αϊζενχάουερ ἐπιστρέφει σήμερον εἰς τὸν Λευκὸν Οἶκον μετὰ ἀπὸ συνομιλίας μὲ τὸν ὑπουργὸν τῶν Ἐξωτερικῶν. Τὸ πρόγραμμα τῆς περιοδείας παραμένει ἀμετάβλητον καὶ αἱ ἀρμόδιαι ὑπηρεσίαι ἀναμένουν νεώτερας πληροφορίας ἐκ Τοκίου. Κατὰ τὰς πληροφορίας τῶν διπλωματικῶν κύκλων, ἡ ἐπίσκεψις θεωρεῖται ἐπικίνδυνον ἐγχείρημα, δεδομένου ὅτι αἱ διαδηλώσεις συνεχίζονται καὶ αἱ ἀρχαὶ δὲν δύνανται νὰ ἐγγυηθοῦν πλήρως τὴν ἀσφάλειαν τοῦ Προέδρου. Οἱ ἀρμόδιοι παρατηρηταὶ σημειώνουν ὅτι ἡ κατάστασις εἶναι ἐξαιρετικῶς λεπτὴ καὶ ὅτι ἡ κυβέρνησις τῆς Ἰαπωνίας καταβάλλει προσπαθείας διὰ τὴν ἀποκατάστασιν τῆς τάξεως.

ΜΙΑ ΝΕΑ ΔΙΑΣΚΕΨΙΣ ΕΙΠΕΝ Ο Κ. ΚΡΟΥΣΤΣΕΦ ΠΙΘΑΝΟΝ ΝΑ ΕΧΗ ΘΕΤΙΚΑ ΑΠΟΤΕΛΕΣΜΑΤΑ

ΣΥΝΕΧΕΙΑ

ΟΥΑΣΙΓΚΤΩΝ, 11. (Ρώυτερ). — Ὁ πρόεδρος Αϊζενχάουερ ἐπιστρέφει σήμερον εἰς τὸν Λευκὸν Οἶκον μετὰ ἀπὸ συνομιλίας μὲ τὸν ὑπουργὸν τῶν Ἐξωτερικῶν. Τὸ πρόγραμμα τῆς περιοδείας παραμένει ἀμετάβλητον καὶ αἱ ἀρμόδιαι ὑπηρεσίαι ἀναμένουν νεώτερας πληροφορίας ἐκ Τοκίου. Κατὰ τὰς πληροφορίας τῶν διπλωματικῶν κύκλων, ἡ ἐπίσκεψις θεωρεῖται ἐπικίνδυνον ἐγχείρημα, δεδομένου ὅτι αἱ διαδηλώσεις συνεχίζονται καὶ αἱ ἀρχαὶ δὲν δύνανται νὰ ἐγγυηθοῦν πλήρως τὴν ἀσφάλειαν τοῦ Προέδρου. Οἱ ἀρμόδιοι παρατηρηταὶ σημειώνουν ὅτι ἡ κατάστασις εἶναι ἐξαιρετικῶς λεπτὴ καὶ ὅτι ἡ κυβέρνησις τῆς Ἰαπωνίας καταβάλλει προσπαθείας διὰ τὴν ἀποκατάστασιν τῆς τάξεως.

Ο ΜΑΚΑΡΙΟΣ ΔΕΝ ΘΑ ΠΑΡΕΣΤΗ ΑΙ ΔΕΞΙΩΣΙΝ ΕΠΙ ΤΟΙΣ ΓΕΝΕΘΛΙΟΙΣ ΤΗΣ ΕΛΙΣΑΒΕΤ

ΟΥΑΣΙΓΚΤΩΝ, 11. (Ρώυτερ). — Ὁ πρόεδρος Αϊζενχάουερ ἐπιστρέφει σήμερον εἰς τὸν Λευκὸν Οἶκον μετὰ ἀπὸ συνομιλίας μὲ τὸν ὑπουργὸν τῶν Ἐξωτερικῶν. Τὸ πρόγραμμα τῆς περιοδείας παραμένει ἀμετάβλητον καὶ αἱ ἀρμόδιαι ὑπηρεσίαι ἀναμένουν νεώτερας πληροφορίας ἐκ Τοκίου. Κατὰ τὰς πληροφορίας τῶν διπλωματικῶν κύκλων, ἡ ἐπίσκεψις θεωρεῖται ἐπικίνδυνον ἐγχείρημα, δεδομένου ὅτι αἱ διαδηλώσεις συνεχίζονται καὶ αἱ ἀρχαὶ δὲν δύνανται νὰ ἐγγυηθοῦν πλήρως τὴν ἀσφάλειαν τοῦ Προέδρου. Οἱ ἀρμόδιοι παρατηρηταὶ σημειώνουν ὅτι ἡ κατάστασις εἶναι ἐξαιρετικῶς λεπτὴ καὶ ὅτι ἡ κυβέρνησις τῆς Ἰαπωνίας καταβάλλει προσπαθείας διὰ τὴν ἀποκατάστασιν τῆς τάξεως.

ΕΠΙΓΗΣΑΝ ΕΙΣ ΤΟΝ ΠΗΝΕΙΟΝ ΕΙΣ ΔΟΚΙΜΟΣ ΚΑΙ ΕΙΣ ΣΤΡΑΤΙΩΤΗΣ

ΟΥΑΣΙΓΚΤΩΝ, 11. (Ρώυτερ). — Ὁ πρόεδρος Αϊζενχάουερ ἐπιστρέφει σήμερον εἰς τὸν Λευκὸν Οἶκον μετὰ ἀπὸ συνομιλίας μὲ τὸν ὑπουργὸν τῶν Ἐξωτερικῶν. Τὸ πρόγραμμα τῆς περιοδείας παραμένει ἀμετάβλητον καὶ αἱ ἀρμόδιαι ὑπηρεσίαι ἀναμένουν νεώτερας πληροφορίας ἐκ Τοκίου. Κατὰ τὰς πληροφορίας τῶν διπλωματικῶν κύκλων, ἡ ἐπίσκεψις θεωρεῖται ἐπικίνδυνον ἐγχείρημα, δεδομένου ὅτι αἱ διαδηλώσεις συνεχίζονται καὶ αἱ ἀρχαὶ δὲν δύνανται νὰ ἐγγυηθοῦν πλήρως τὴν ἀσφάλειαν τοῦ Προέδρου. Οἱ ἀρμόδιοι παρατηρηταὶ σημειώνουν ὅτι ἡ κατάστασις εἶναι ἐξαιρετικῶς λεπτὴ καὶ ὅτι ἡ κυβέρνησις τῆς Ἰαπωνίας καταβάλλει προσπαθείας διὰ τὴν ἀποκατάστασιν τῆς τάξεως.

Η ΠΟΥΓΚΟΣΛΑΒΙΑ Α ΑΝΗΓΕΙΡΗ ΠΕΡΙΠΤΕΡΟΝ ΕΙΣ ΤΗΝ ΕΚΘΕΣΙΝ

ΟΥΑΣΙΓΚΤΩΝ, 11. (Ρώυτερ). — Ὁ πρόεδρος Αϊζενχάουερ ἐπιστρέφει σήμερον εἰς τὸν Λευκὸν Οἶκον μετὰ ἀπὸ συνομιλίας μὲ τὸν ὑπουργὸν τῶν Ἐξωτερικῶν. Τὸ πρόγραμμα τῆς περιοδείας παραμένει ἀμετάβλητον καὶ αἱ ἀρμόδιαι ὑπηρεσίαι ἀναμένουν νεώτερας πληροφορίας ἐκ Τοκίου. Κατὰ τὰς πληροφορίας τῶν διπλωματικῶν κύκλων, ἡ ἐπίσκεψις θεωρεῖται ἐπικίνδυνον ἐγχείρημα, δεδομένου ὅτι αἱ διαδηλώσεις συνεχίζονται καὶ αἱ ἀρχαὶ δὲν δύνανται νὰ ἐγγυηθοῦν πλήρως τὴν ἀσφάλειαν τοῦ Προέδρου. Οἱ ἀρμόδιοι παρατηρηταὶ σημειώνουν ὅτι ἡ κατάστασις εἶναι ἐξαιρετικῶς λεπτὴ καὶ ὅτι ἡ κυβέρνησις τῆς Ἰαπωνίας καταβάλλει προσπαθείας διὰ τὴν ἀποκατάστασιν τῆς τάξεως.

ΟΙ ΔΙΚΑΣΤΙΚΟΙ ΥΠΑΛΛΗΛΟΙ ΑΙ ΚΗΡΥΞΟΥΝ ΑΠΕΡΓΙΑΝ

ΟΥΑΣΙΓΚΤΩΝ, 11. (Ρώυτερ). — Ὁ πρόεδρος Αϊζενχάουερ ἐπιστρέφει σήμερον εἰς τὸν Λευκὸν Οἶκον μετὰ ἀπὸ συνομιλίας μὲ τὸν ὑπουργὸν τῶν Ἐξωτερικῶν. Τὸ πρόγραμμα τῆς περιοδείας παραμένει ἀμετάβλητον καὶ αἱ ἀρμόδιαι ὑπηρεσίαι ἀναμένουν νεώτερας πληροφορίας ἐκ Τοκίου. Κατὰ τὰς πληροφορίας τῶν διπλωματικῶν κύκλων, ἡ ἐπίσκεψις θεωρεῖται ἐπικίνδυνον ἐγχείρημα, δεδομένου ὅτι αἱ διαδηλώσεις συνεχίζονται καὶ αἱ ἀρχαὶ δὲν δύνανται νὰ ἐγγυηθοῦν πλήρως τὴν ἀσφάλειαν τοῦ Προέδρου. Οἱ ἀρμόδιοι παρατηρηταὶ σημειώνουν ὅτι ἡ κατάστασις εἶναι ἐξαιρετικῶς λεπτὴ καὶ ὅτι ἡ κυβέρνησις τῆς Ἰαπωνίας καταβάλλει προσπαθείας διὰ τὴν ἀποκατάστασιν τῆς τάξεως.

ΑΝΑΜΕΝΕΤΑΙ ΑΝΑΣΧΗΜΑΤΙΣΜΟΣ

ΟΥΑΣΙΓΚΤΩΝ, 11. (Ρώυτερ). — Ὁ πρόεδρος Αϊζενχάουερ ἐπιστρέφει σήμερον εἰς τὸν Λευκὸν Οἶκον μετὰ ἀπὸ συνομιλίας μὲ τὸν ὑπουργὸν τῶν Ἐξωτερικῶν. Τὸ πρόγραμμα τῆς περιοδείας παραμένει ἀμετάβλητον καὶ αἱ ἀρμόδιαι ὑπηρεσίαι ἀναμένουν νεώτερας πληροφορίας ἐκ Τοκίου. Κατὰ τὰς πληροφορίας τῶν διπλωματικῶν κύκλων, ἡ ἐπίσκεψις θεωρεῖται ἐπικίνδυνον ἐγχείρημα, δεδομένου ὅτι αἱ διαδηλώσεις συνεχίζονται καὶ αἱ ἀρχαὶ δὲν δύνανται νὰ ἐγγυηθοῦν πλήρως τὴν ἀσφάλειαν τοῦ Προέδρου. Οἱ ἀρμόδιοι παρατηρηταὶ σημειώνουν ὅτι ἡ κατάστασις εἶναι ἐξαιρετικῶς λεπτὴ καὶ ὅτι ἡ κυβέρνησις τῆς Ἰαπωνίας καταβάλλει προσπαθείας διὰ τὴν ἀποκατάστασιν τῆς τάξεως.

ΚΛΕΙΣΤΑΙ ΕΙΣ ΤΟΥΡΚΙΑΝ ΑΙ ΣΤΟΑΙ ΤΩΝ ΤΕΚΤΟΝΩΝ

ΟΥΑΣΙΓΚΤΩΝ, 11. (Ρώυτερ). — Ὁ πρόεδρος Αϊζενχάουερ ἐπιστρέφει σήμερον εἰς τὸν Λευκὸν Οἶκον μετὰ ἀπὸ συνομιλίας μὲ τὸν ὑπουργὸν τῶν Ἐξωτερικῶν. Τὸ πρόγραμμα τῆς περιοδείας παραμένει ἀμετάβλητον καὶ αἱ ἀρμόδιαι ὑπηρεσίαι ἀναμένουν νεώτερας πληροφορίας ἐκ Τοκίου. Κατὰ τὰς πληροφορίας τῶν διπλωματικῶν κύκλων, ἡ ἐπίσκεψις θεωρεῖται ἐπικίνδυνον ἐγχείρημα, δεδομένου ὅτι αἱ διαδηλώσεις συνεχίζονται καὶ αἱ ἀρχαὶ δὲν δύνανται νὰ ἐγγυηθοῦν πλήρως τὴν ἀσφάλειαν τοῦ Προέδρου. Οἱ ἀρμόδιοι παρατηρηταὶ σημειώνουν ὅτι ἡ κατάστασις εἶναι ἐξαιρετικῶς λεπτὴ καὶ ὅτι ἡ κυβέρνησις τῆς Ἰαπωνίας καταβάλλει προσπαθείας διὰ τὴν ἀποκατάστασιν τῆς τάξεως.

ΚΗΔΕΙΑ

ΟΥΑΣΙΓΚΤΩΝ, 11. (Ρώυτερ). — Ὁ πρόεδρος Αϊζενχάουερ ἐπιστρέφει σήμερον εἰς τὸν Λευκὸν Οἶκον μετὰ ἀπὸ συνομιλίας μὲ τὸν ὑπουργὸν τῶν Ἐξωτερικῶν. Τὸ πρόγραμμα τῆς περιοδείας παραμένει ἀμετάβλητον καὶ αἱ ἀρμόδιαι ὑπηρεσίαι ἀναμένουν νεώτερας πληροφορίας ἐκ Τοκίου. Κατὰ τὰς πληροφορίας τῶν διπλωματικῶν κύκλων, ἡ ἐπίσκεψις θεωρεῖται ἐπικίνδυνον ἐγχείρημα, δεδομένου ὅτι αἱ διαδηλώσεις συνεχίζονται καὶ αἱ ἀρχαὶ δὲν δύνανται νὰ ἐγγυηθοῦν πλήρως τὴν ἀσφάλειαν τοῦ Προέδρου. Οἱ ἀρμόδιοι παρατηρηταὶ σημειώνουν ὅτι ἡ κατάστασις εἶναι ἐξαιρετικῶς λεπτὴ καὶ ὅτι ἡ κυβέρνησις τῆς Ἰαπωνίας καταβάλλει προσπαθείας διὰ τὴν ἀποκατάστασιν τῆς τάξεως.

Ο ΝΑΣΣΕΡ ΑΦΟΥ ΜΕΤΕΒΗ ΕΙΣ ΚΕΡΚΥΡΑΝ ΑΝΕΧΩΡΗΣΕΝ ΕΙΣ ΓΙΟΥΓΚΟΣΛΑΒΙΑΝ ΠΡΟΣ ΣΥΝΑΝΤΗΣΙΝ ΤΟΥ ΠΡΟΕΔΡΟΥ ΤΙΤΟ

ΟΥΑΣΙΓΚΤΩΝ, 11. (Ρώυτερ). — Ὁ πρόεδρος Αϊζενχάουερ ἐπιστρέφει σήμερον εἰς τὸν Λευκὸν Οἶκον μετὰ ἀπὸ συνομιλίας μὲ τὸν ὑπουργὸν τῶν Ἐξωτερικῶν. Τὸ πρόγραμμα τῆς περιοδείας παραμένει ἀμετάβλητον καὶ αἱ ἀρμόδιαι ὑπηρεσίαι ἀναμένουν νεώτερας πληροφορίας ἐκ Τοκίου. Κατὰ τὰς πληροφορίας τῶν διπλωματικῶν κύκλων, ἡ ἐπίσκεψις θεωρεῖται ἐπικίνδυνον ἐγχείρημα, δεδομένου ὅτι αἱ διαδηλώσεις συνεχίζονται καὶ αἱ ἀρχαὶ δὲν δύνανται νὰ ἐγγυηθοῦν πλήρως τὴν ἀσφάλειαν τοῦ Προέδρου. Οἱ ἀρμόδιοι παρατηρηταὶ σημειώνουν ὅτι ἡ κατάστασις εἶναι ἐξαιρετικῶς λεπτὴ καὶ ὅτι ἡ κυβέρνησις τῆς Ἰαπωνίας καταβάλλει προσπαθείας διὰ τὴν ἀποκατάστασιν τῆς τάξεως.

ΤΗΝ ΠΟΙΝΗΝ ΤΟΥ ΘΑΝΑΤΟΥ ΕΖΗΤΗΣΕΝ Ο ΕΙΣΑΓΓΕΛΕΥΣ ΔΙΑ ΤΡΕΙΣ ΞΕΝΟΥΣ ΔΙΚΑΖΟΜΕΝΟΥΣ ΕΙΣ ΤΟ ΚΑΪΡΟΝ ΕΠΙ ΚΑΤΑΣΚΟΠΕΙΑ ΠΡΟΣ ΟΦΕΛΟΣ ΤΟΥ ΙΣΡΑΗΛ

ΟΥΑΣΙΓΚΤΩΝ, 11. (Ρώυτερ). — Ὁ πρόεδρος Αϊζενχάουερ ἐπιστρέφει σήμερον εἰς τὸν Λευκὸν Οἶκον μετὰ ἀπὸ συνομιλίας μὲ τὸν ὑπουργὸν τῶν Ἐξωτερικῶν. Τὸ πρόγραμμα τῆς περιοδείας παραμένει ἀμετάβλητον καὶ αἱ ἀρμόδιαι ὑπηρεσίαι ἀναμένουν νεώτερας πληροφορίας ἐκ Τοκίου. Κατὰ τὰς πληροφορίας τῶν διπλωματικῶν κύκλων, ἡ ἐπίσκεψις θεωρεῖται ἐπικίνδυνον ἐγχείρημα, δεδομένου ὅτι αἱ διαδηλώσεις συνεχίζονται καὶ αἱ ἀρχαὶ δὲν δύνανται νὰ ἐγγυηθοῦν πλήρως τὴν ἀσφάλειαν τοῦ Προέδρου. Οἱ ἀρμόδιοι παρατηρηταὶ σημειώνουν ὅτι ἡ κατάστασις εἶναι ἐξαιρετικῶς λεπτὴ καὶ ὅτι ἡ κυβέρνησις τῆς Ἰαπωνίας καταβάλλει προσπαθείας διὰ τὴν ἀποκατάστασιν τῆς τάξεως.

ΘΑ ΑΥΞΗΘΟΥΝ ΑΙ ΕΜΠΟΡΙΚΑΙ ΣΥΝΑΛΛΑΓΑΙ ΜΕΤΑΞΥ ΧΩΡΩΝ ΤΟΥ ΠΑΡΑΠΕΤΑΣΜΑΤΟΣ ΒΑΣΕΙ ΥΠΟΓΡΑΦΗΣΟΜΕΝΩΝ ΣΥΜΦΩΝΩΝ

ΟΥΑΣΙΓΚΤΩΝ, 11. (Ρώυτερ). — Ὁ πρόεδρος Αϊζενχάουερ ἐπιστρέφει σήμερον εἰς τὸν Λευκὸν Οἶκον μετὰ ἀπὸ συνομιλίας μὲ τὸν ὑπουργὸν τῶν Ἐξωτερικῶν. Τὸ πρόγραμμα τῆς περιοδείας παραμένει ἀμετάβλητον καὶ αἱ ἀρμόδιαι ὑπηρεσίαι ἀναμένουν νεώτερας πληροφορίας ἐκ Τοκίου. Κατὰ τὰς πληροφορίας τῶν διπλωματικῶν κύκλων, ἡ ἐπίσκεψις θεωρεῖται ἐπικίνδυνον ἐγχείρημα, δεδομένου ὅτι αἱ διαδηλώσεις συνεχίζονται καὶ αἱ ἀρχαὶ δὲν δύνανται νὰ ἐγγυηθοῦν πλήρως τὴν ἀσφάλειαν τοῦ Προέδρου. Οἱ ἀρμόδιοι παρατηρηταὶ σημειώνουν ὅτι ἡ κατάστασις εἶναι ἐξαιρετικῶς λεπτὴ καὶ ὅτι ἡ κυβέρνησις τῆς Ἰαπωνίας καταβάλλει προσπαθείας διὰ τὴν ἀποκατάστασιν τῆς τάξεως.

ΧΩΡΙΚΟΙ ΕΔΩΣΑΝ ΜΑΧΗΝ ΜΕ ΑΡΚΤΟΝ ΤΗΝ ΟΠΟΙΑΝ ΤΕΛΙΚΩΣ ΕΦΟΝΕΥΣΑΝ

ΟΥΑΣΙΓΚΤΩΝ, 11. (Ρώυτερ). — Ὁ πρόεδρος Αϊζενχάουερ ἐπιστρέφει σήμερον εἰς τὸν Λευκὸν Οἶκον μετὰ ἀπὸ συνομιλίας μὲ τὸν ὑπουργὸν τῶν Ἐξωτερικῶν. Τὸ πρόγραμμα τῆς περιοδείας παραμένει ἀμετάβλητον καὶ αἱ ἀρμόδιαι ὑπηρεσίαι ἀναμένουν νεώτερας πληροφορίας ἐκ Τοκίου. Κατὰ τὰς πληροφορίας τῶν διπλωματικῶν κύκλων, ἡ ἐπίσκεψις θεωρεῖται ἐπικίνδυνον ἐγχείρημα, δεδομένου ὅτι αἱ διαδηλώσεις συνεχίζονται καὶ αἱ ἀρχαὶ δὲν δύνανται νὰ ἐγγυηθοῦν πλήρως τὴν ἀσφάλειαν τοῦ Προέδρου. Οἱ ἀρμόδιοι παρατηρηταὶ σημειώνουν ὅτι ἡ κατάστασις εἶναι ἐξαιρετικῶς λεπτὴ καὶ ὅτι ἡ κυβέρνησις τῆς Ἰαπωνίας καταβάλλει προσπαθείας διὰ τὴν ἀποκατάστασιν τῆς τάξεως.

ΑΝΕΒΛΗΘΗ Η ΕΚΔΙΚΑΣΙΣ ΤΗΣ ΑΓΩΓΗΣ ΤΗΣ ΚΑΛΛΑΣ ΚΑΤΑ ΤΗΣ ΟΠΕΡΑΣ ΡΩΜΗΣ

ΟΥΑΣΙΓΚΤΩΝ, 11. (Ρώυτερ). — Ὁ πρόεδρος Αϊζενχάουερ ἐπιστρέφει σήμερον εἰς τὸν Λευκὸν Οἶκον μετὰ ἀπὸ συνομιλίας μὲ τὸν ὑπουργὸν τῶν Ἐξωτερικῶν. Τὸ πρόγραμμα τῆς περιοδείας παραμένει ἀμετάβλητον καὶ αἱ ἀρμόδιαι ὑπηρεσίαι ἀναμένουν νεώτερας πληροφορίας ἐκ Τοκίου. Κατὰ τὰς πληροφορίας τῶν διπλωματικῶν κύκλων, ἡ ἐπίσκεψις θεωρεῖται ἐπικίνδυνον ἐγχείρημα, δεδομένου ὅτι αἱ διαδηλώσεις συνεχίζονται καὶ αἱ ἀρχαὶ δὲν δύνανται νὰ ἐγγυηθοῦν πλήρως τὴν ἀσφάλειαν τοῦ Προέδρου. Οἱ ἀρμόδιοι παρατηρηταὶ σημειώνουν ὅτι ἡ κατάστασις εἶναι ἐξαιρετικῶς λεπτὴ καὶ ὅτι ἡ κυβέρνησις τῆς Ἰαπωνίας καταβάλλει προσπαθείας διὰ τὴν ἀποκατάστασιν τῆς τάξεως.

ΠΑΡΑΣΤΗΜΑ ΤΗΣ ΣΥΝΔΕΣΜΟΥ ΦΙΛΩΝ ΤΗΣ ΕΛΛΑΔΟΣ ΣΥΝΕΣΤΗΘΗ ΕΙΣ ΜΙΛΑΝΟΝ

ΟΥΑΣΙΓΚΤΩΝ, 11. (Ρώυτερ). — Ὁ πρόεδρος Αϊζενχάουερ ἐπιστρέφει σήμερον εἰς τὸν Λευκὸν Οἶκον μετὰ ἀπὸ συνομιλίας μὲ τὸν ὑπουργὸν τῶν Ἐξωτερικῶν. Τὸ πρόγραμμα τῆς περιοδείας παραμένει ἀμετάβλητον καὶ αἱ ἀρμόδιαι ὑπηρεσίαι ἀναμένουν νεώτερας πληροφορίας ἐκ Τοκίου. Κατὰ τὰς πληροφορίας τῶν διπλωματικῶν κύκλων, ἡ ἐπίσκεψις θεωρεῖται ἐπικίνδυνον ἐγχείρημα, δεδομένου ὅτι αἱ διαδηλώσεις συνεχίζονται καὶ αἱ ἀρχαὶ δὲν δύνανται νὰ ἐγγυηθοῦν πλήρως τὴν ἀσφάλειαν τοῦ Προέδρου. Οἱ ἀρμόδιοι παρατηρηταὶ σημειώνουν ὅτι ἡ κατάστασις εἶναι ἐξαιρετικῶς λεπτὴ καὶ ὅτι ἡ κυβέρνησις τῆς Ἰαπωνίας καταβάλλει προσπαθείας διὰ τὴν ἀποκατάστασιν τῆς τάξεως.
